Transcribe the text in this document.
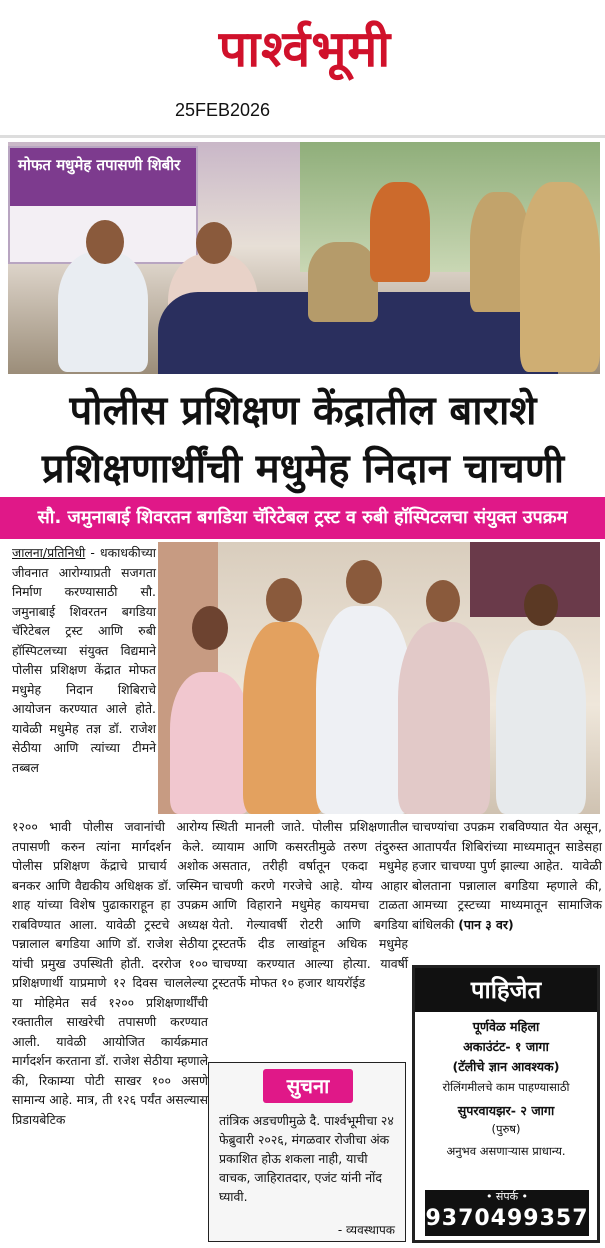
पार्श्वभूमी
25FEB2026
मोफत मधुमेह तपासणी शिबीर
पोलीस प्रशिक्षण केंद्रातील बाराशे
प्रशिक्षणार्थींची मधुमेह निदान चाचणी
सौ. जमुनाबाई शिवरतन बगडिया चॅरिटेबल ट्रस्ट व रुबी हॉस्पिटलचा संयुक्त उपक्रम

जालना/प्रतिनिधी - धकाधकीच्या जीवनात आरोग्याप्रती सजगता निर्माण करण्यासाठी सौ. जमुनाबाई शिवरतन बगडिया चॅरिटेबल ट्रस्ट आणि रुबी हॉस्पिटलच्या संयुक्त विद्यमाने पोलीस प्रशिक्षण केंद्रात मोफत मधुमेह निदान शिबिराचे आयोजन करण्यात आले होते. यावेळी मधुमेह तज्ञ डॉ. राजेश सेठीया आणि त्यांच्या टीमने तब्बल

१२०० भावी पोलीस जवानांची आरोग्य तपासणी करुन त्यांना मार्गदर्शन केले.  पोलीस प्रशिक्षण केंद्राचे प्राचार्य अशोक बनकर आणि वैद्यकीय अधिक्षक डॉ. जस्मिन शाह यांच्या विशेष पुढाकाराहून हा उपक्रम राबविण्यात आला. यावेळी ट्रस्टचे अध्यक्ष पन्नालाल बगडिया आणि डॉ. राजेश सेठीया यांची प्रमुख उपस्थिती होती. दररोज १०० प्रशिक्षणार्थी याप्रमाणे १२ दिवस चाललेल्या या मोहिमेत सर्व १२०० प्रशिक्षणार्थींची रक्तातील साखरेची तपासणी करण्यात आली. यावेळी आयोजित कार्यक्रमात मार्गदर्शन करताना डॉ. राजेश सेठीया म्हणाले की, रिकाम्या पोटी साखर १०० असणे सामान्य आहे. मात्र, ती १२६ पर्यंत असल्यास प्रिडायबेटिक

स्थिती मानली जाते. पोलीस प्रशिक्षणातील व्यायाम आणि कसरतीमुळे तरुण तंदुरुस्त असतात, तरीही वर्षातून एकदा मधुमेह चाचणी करणे गरजेचे आहे. योग्य आहार आणि विहाराने मधुमेह कायमचा टाळता येतो. गेल्यावर्षी रोटरी आणि बगडिया ट्रस्टतर्फे दीड लाखांहून अधिक मधुमेह चाचण्या करण्यात आल्या होत्या. यावर्षी ट्रस्टतर्फे मोफत १० हजार थायरॉईड

चाचण्यांचा उपक्रम राबविण्यात येत असून, आतापर्यंत शिबिरांच्या माध्यमातून साडेसहा हजार चाचण्या पुर्ण झाल्या आहेत.  यावेळी बोलताना पन्नालाल बगडिया म्हणाले की, आमच्या ट्रस्टच्या माध्यमातून सामाजिक बांधिलकी (पान ३ वर)

सुचना
तांत्रिक अडचणीमुळे दै. पार्श्वभूमीचा २४ फेब्रुवारी २०२६, मंगळवार रोजीचा अंक प्रकाशित होऊ शकला नाही, याची वाचक, जाहिरातदार, एजंट यांनी नोंद घ्यावी.
- व्यवस्थापक
पाहिजेत
पूर्णवेळ महिला
अकाउंटंट- १ जागा
(टॅलीचे ज्ञान आवश्यक)
रोलिंगमीलचे काम पाहण्यासाठी
सुपरवायझर- २ जागा
(पुरुष)
अनुभव असणाऱ्यास प्राधान्य.
• संपर्क •
9370499357
